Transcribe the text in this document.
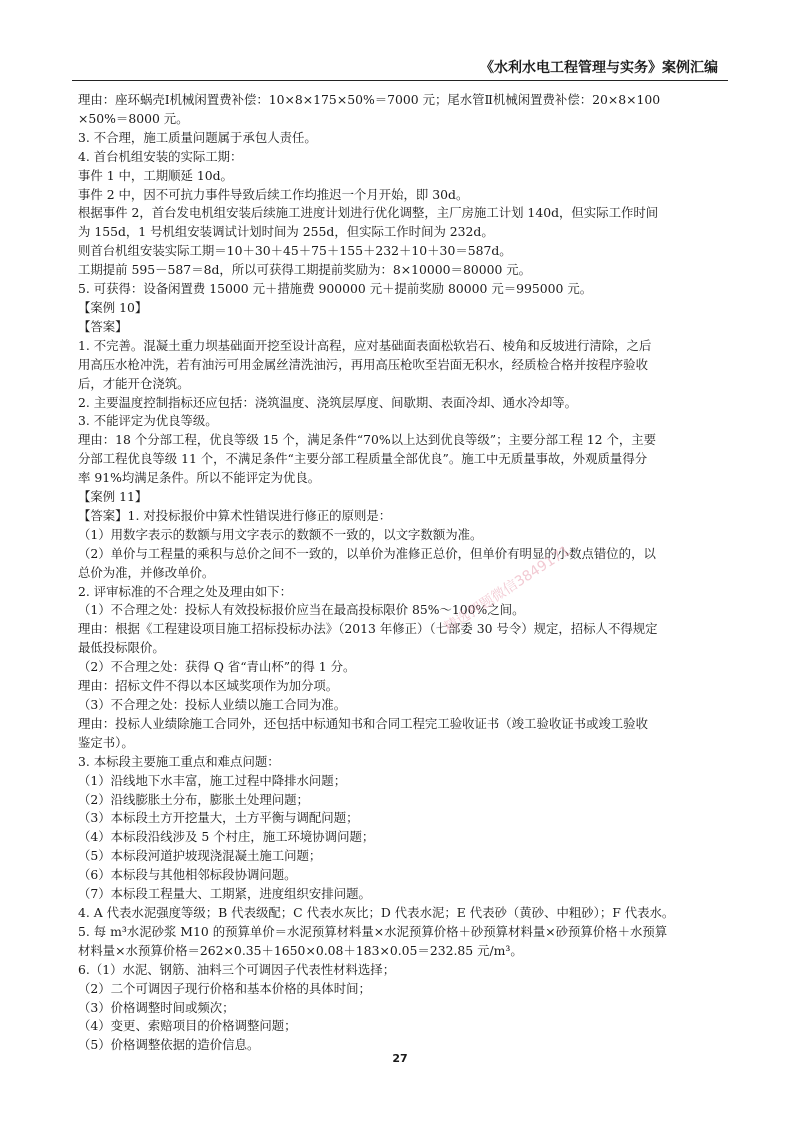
《水利水电工程管理与实务》案例汇编
理由：座环蜗壳Ⅰ机械闲置费补偿：10×8×175×50%＝7000 元；尾水管Ⅱ机械闲置费补偿：20×8×100
×50%＝8000 元。
3. 不合理，施工质量问题属于承包人责任。
4. 首台机组安装的实际工期：
事件 1 中，工期顺延 10d。
事件 2 中，因不可抗力事件导致后续工作均推迟一个月开始，即 30d。
根据事件 2，首台发电机组安装后续施工进度计划进行优化调整，主厂房施工计划 140d，但实际工作时间
为 155d，1 号机组安装调试计划时间为 255d，但实际工作时间为 232d。
则首台机组安装实际工期＝10＋30＋45＋75＋155＋232＋10＋30＝587d。
工期提前 595－587＝8d，所以可获得工期提前奖励为：8×10000＝80000 元。
5. 可获得：设备闲置费 15000 元＋措施费 900000 元＋提前奖励 80000 元＝995000 元。
【案例 10】
【答案】
1. 不完善。混凝土重力坝基础面开挖至设计高程，应对基础面表面松软岩石、棱角和反坡进行清除，之后
用高压水枪冲洗，若有油污可用金属丝清洗油污，再用高压枪吹至岩面无积水，经质检合格并按程序验收
后，才能开仓浇筑。
2. 主要温度控制指标还应包括：浇筑温度、浇筑层厚度、间歇期、表面冷却、通水冷却等。
3. 不能评定为优良等级。
理由：18 个分部工程，优良等级 15 个，满足条件“70%以上达到优良等级”；主要分部工程 12 个，主要
分部工程优良等级 11 个，不满足条件“主要分部工程质量全部优良”。施工中无质量事故，外观质量得分
率 91%均满足条件。所以不能评定为优良。
【案例 11】
【答案】1. 对投标报价中算术性错误进行修正的原则是：
（1）用数字表示的数额与用文字表示的数额不一致的，以文字数额为准。
（2）单价与工程量的乘积与总价之间不一致的，以单价为准修正总价，但单价有明显的小数点错位的，以
总价为准，并修改单价。
2. 评审标准的不合理之处及理由如下：
（1）不合理之处：投标人有效投标报价应当在最高投标限价 85%～100%之间。
理由：根据《工程建设项目施工招标投标办法》（2013 年修正）（七部委 30 号令）规定，招标人不得规定
最低投标限价。
（2）不合理之处：获得 Q 省“青山杯”的得 1 分。
理由：招标文件不得以本区域奖项作为加分项。
（3）不合理之处：投标人业绩以施工合同为准。
理由：投标人业绩除施工合同外，还包括中标通知书和合同工程完工验收证书（竣工验收证书或竣工验收
鉴定书）。
3. 本标段主要施工重点和难点问题：
（1）沿线地下水丰富，施工过程中降排水问题；
（2）沿线膨胀土分布，膨胀土处理问题；
（3）本标段土方开挖量大，土方平衡与调配问题；
（4）本标段沿线涉及 5 个村庄，施工环境协调问题；
（5）本标段河道护坡现浇混凝土施工问题；
（6）本标段与其他相邻标段协调问题。
（7）本标段工程量大、工期紧，进度组织安排问题。
4. A 代表水泥强度等级；B 代表级配；C 代表水灰比；D 代表水泥；E 代表砂（黄砂、中粗砂）；F 代表水。
5. 每 m³水泥砂浆 M10 的预算单价＝水泥预算材料量×水泥预算价格＋砂预算材料量×砂预算价格＋水预算
材料量×水预算价格＝262×0.35＋1650×0.08＋183×0.05＝232.85 元/m³。
6.（1）水泥、钢筋、油料三个可调因子代表性材料选择；
（2）二个可调因子现行价格和基本价格的具体时间；
（3）价格调整时间或频次；
（4）变更、索赔项目的价格调整问题；
（5）价格调整依据的造价信息。
精选押题微信3849171
27
